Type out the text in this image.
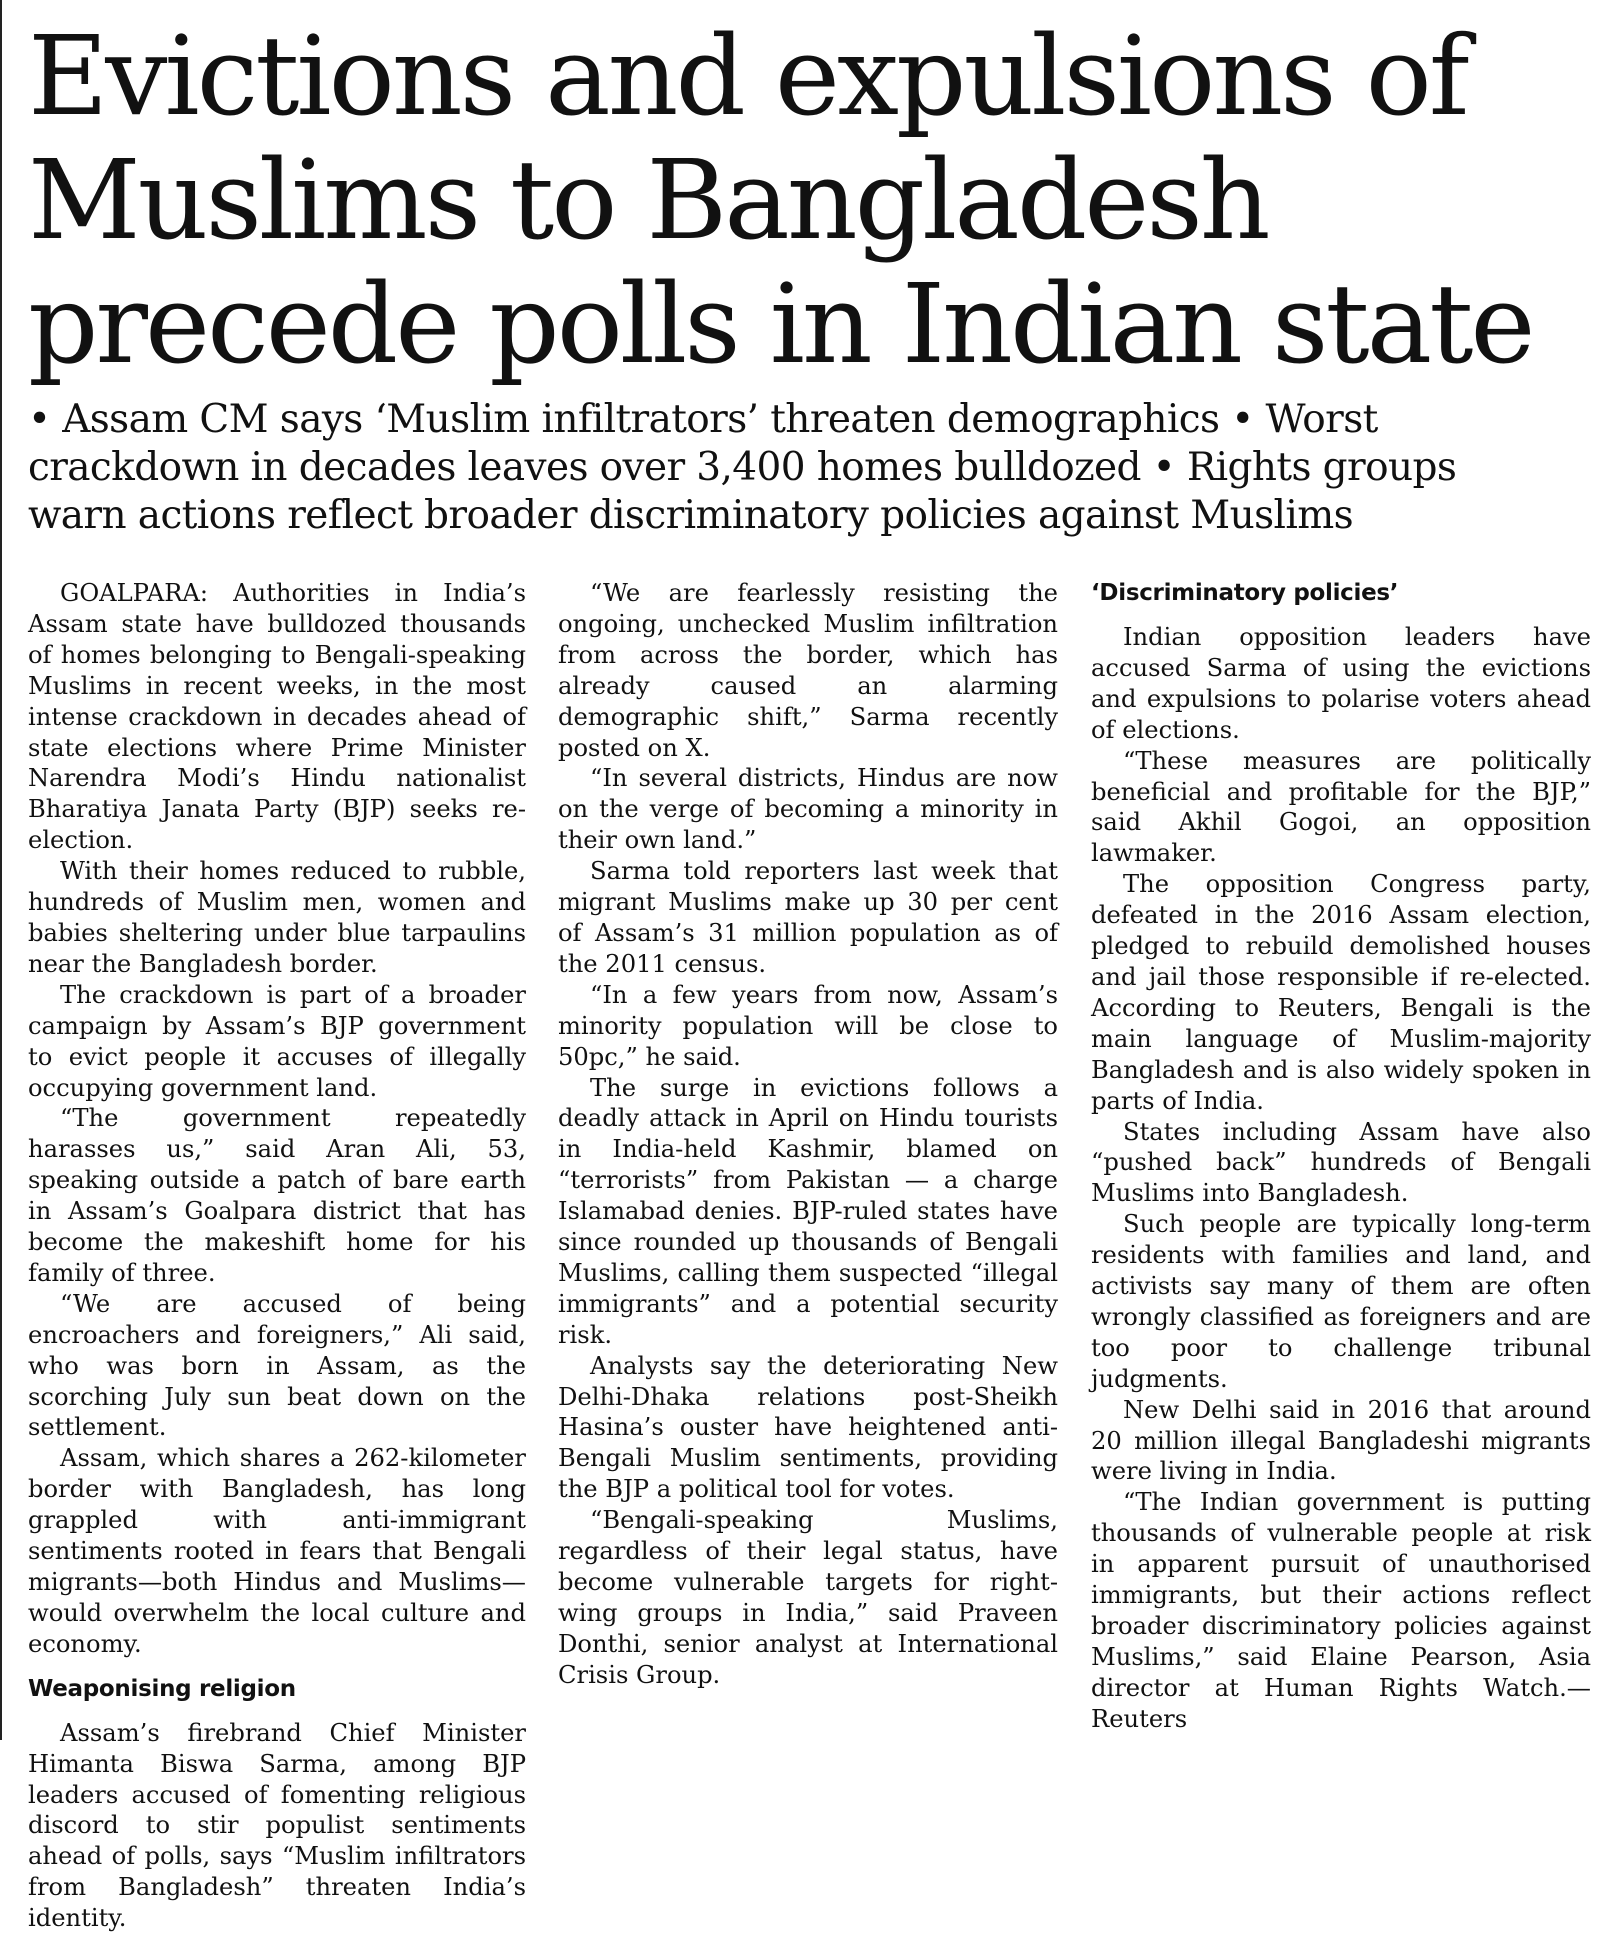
Evictions and expulsions of
Muslims to Bangladesh
precede polls in Indian state
• Assam CM says ‘Muslim infiltrators’ threaten demographics • Worst
crackdown in decades leaves over 3,400 homes bulldozed • Rights groups
warn actions reflect broader discriminatory policies against Muslims

GOALPARA: Authorities in India’s Assam state have bulldozed thousands of homes belonging to Bengali-speaking Muslims in recent weeks, in the most intense crackdown in decades ahead of state elections where Prime Minister Narendra Modi’s Hindu nationalist Bharatiya Janata Party (BJP) seeks re-election.

With their homes reduced to rubble, hundreds of Muslim men, women and babies sheltering under blue tarpaulins near the Bangladesh border.

The crackdown is part of a broader campaign by Assam’s BJP government to evict people it accuses of illegally occupying government land.

“The government repeatedly harasses us,” said Aran Ali, 53, speaking outside a patch of bare earth in Assam’s Goalpara district that has become the makeshift home for his family of three.

“We are accused of being encroachers and foreigners,” Ali said, who was born in Assam, as the scorching July sun beat down on the settlement.

Assam, which shares a 262-kilometer border with Bangladesh, has long grappled with anti-immigrant sentiments rooted in fears that Bengali migrants—both Hindus and Muslims—would overwhelm the local culture and economy.

Weaponising religion

Assam’s firebrand Chief Minister Himanta Biswa Sarma, among BJP leaders accused of fomenting religious discord to stir populist sentiments ahead of polls, says “Muslim infiltrators from Bangladesh” threaten India’s identity.

“We are fearlessly resisting the ongoing, unchecked Muslim infiltration from across the border, which has already caused an alarming demographic shift,” Sarma recently posted on X.

“In several districts, Hindus are now on the verge of becoming a minority in their own land.”

Sarma told reporters last week that migrant Muslims make up 30 per cent of Assam’s 31 million population as of the 2011 census.

“In a few years from now, Assam’s minority population will be close to 50pc,” he said.

The surge in evictions follows a deadly attack in April on Hindu tourists in India-held Kashmir, blamed on “terrorists” from Pakistan — a charge Islamabad denies. BJP-ruled states have since rounded up thousands of Bengali Muslims, calling them suspected “illegal immigrants” and a potential security risk.

Analysts say the deteriorating New Delhi-Dhaka relations post-Sheikh Hasina’s ouster have heightened anti-Bengali Muslim sentiments, providing the BJP a political tool for votes.

“Bengali-speaking Muslims, regardless of their legal status, have become vulnerable targets for right-wing groups in India,” said Praveen Donthi, senior analyst at International Crisis Group.

‘Discriminatory policies’

Indian opposition leaders have accused Sarma of using the evictions and expulsions to polarise voters ahead of elections.

“These measures are politically beneficial and profitable for the BJP,” said Akhil Gogoi, an opposition lawmaker.

The opposition Congress party, defeated in the 2016 Assam election, pledged to rebuild demolished houses and jail those responsible if re-elected. According to Reuters, Bengali is the main language of Muslim-majority Bangladesh and is also widely spoken in parts of India.

States including Assam have also “pushed back” hundreds of Bengali Muslims into Bangladesh.

Such people are typically long-term residents with families and land, and activists say many of them are often wrongly classified as foreigners and are too poor to challenge tribunal judgments.

New Delhi said in 2016 that around 20 million illegal Bangladeshi migrants were living in India.

“The Indian government is putting thousands of vulnerable people at risk in apparent pursuit of unauthorised immigrants, but their actions reflect broader discriminatory policies against Muslims,” said Elaine Pearson, Asia director at Human Rights Watch.—Reuters
